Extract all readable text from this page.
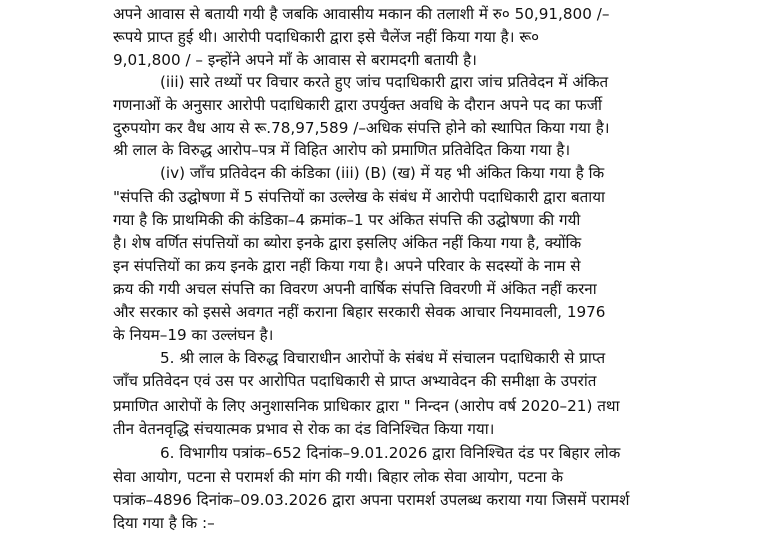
अपने आवास से बतायी गयी है जबकि आवासीय मकान की तलाशी में रु० 50,91,800 /–
रूपये प्राप्त हुई थी। आरोपी पदाधिकारी द्वारा इसे चैलेंज नहीं किया गया है। रू०
9,01,800 / – इन्होंने अपने माँ के आवास से बरामदगी बतायी है।
(iii) सारे तथ्यों पर विचार करते हुए जांच पदाधिकारी द्वारा जांच प्रतिवेदन में अंकित
गणनाओं के अनुसार आरोपी पदाधिकारी द्वारा उपर्युक्त अवधि के दौरान अपने पद का फर्जी
दुरुपयोग कर वैध आय से रू.78,97,589 /–अधिक संपत्ति होने को स्थापित किया गया है।
श्री लाल के विरुद्ध आरोप–पत्र में विहित आरोप को प्रमाणित प्रतिवेदित किया गया है।
(iv) जाँच प्रतिवेदन की कंडिका (iii) (B) (ख) में यह भी अंकित किया गया है कि
"संपत्ति की उद्घोषणा में 5 संपत्तियों का उल्लेख के संबंध में आरोपी पदाधिकारी द्वारा बताया
गया है कि प्राथमिकी की कंडिका–4 क्रमांक–1 पर अंकित संपत्ति की उद्घोषणा की गयी
है। शेष वर्णित संपत्तियों का ब्योरा इनके द्वारा इसलिए अंकित नहीं किया गया है, क्योंकि
इन संपत्तियों का क्रय इनके द्वारा नहीं किया गया है। अपने परिवार के सदस्यों के नाम से
क्रय की गयी अचल संपत्ति का विवरण अपनी वार्षिक संपत्ति विवरणी में अंकित नहीं करना
और सरकार को इससे अवगत नहीं कराना बिहार सरकारी सेवक आचार नियमावली, 1976
के नियम–19 का उल्लंघन है।
5. श्री लाल के विरुद्ध विचाराधीन आरोपों के संबंध में संचालन पदाधिकारी से प्राप्त
जाँच प्रतिवेदन एवं उस पर आरोपित पदाधिकारी से प्राप्त अभ्यावेदन की समीक्षा के उपरांत
प्रमाणित आरोपों के लिए अनुशासनिक प्राधिकार द्वारा " निन्दन (आरोप वर्ष 2020–21) तथा
तीन वेतनवृद्धि संचयात्मक प्रभाव से रोक का दंड विनिश्चित किया गया।
6. विभागीय पत्रांक–652 दिनांक–9.01.2026 द्वारा विनिश्चित दंड पर बिहार लोक
सेवा आयोग, पटना से परामर्श की मांग की गयी। बिहार लोक सेवा आयोग, पटना के
पत्रांक–4896 दिनांक–09.03.2026 द्वारा अपना परामर्श उपलब्ध कराया गया जिसमें परामर्श
दिया गया है कि :–
